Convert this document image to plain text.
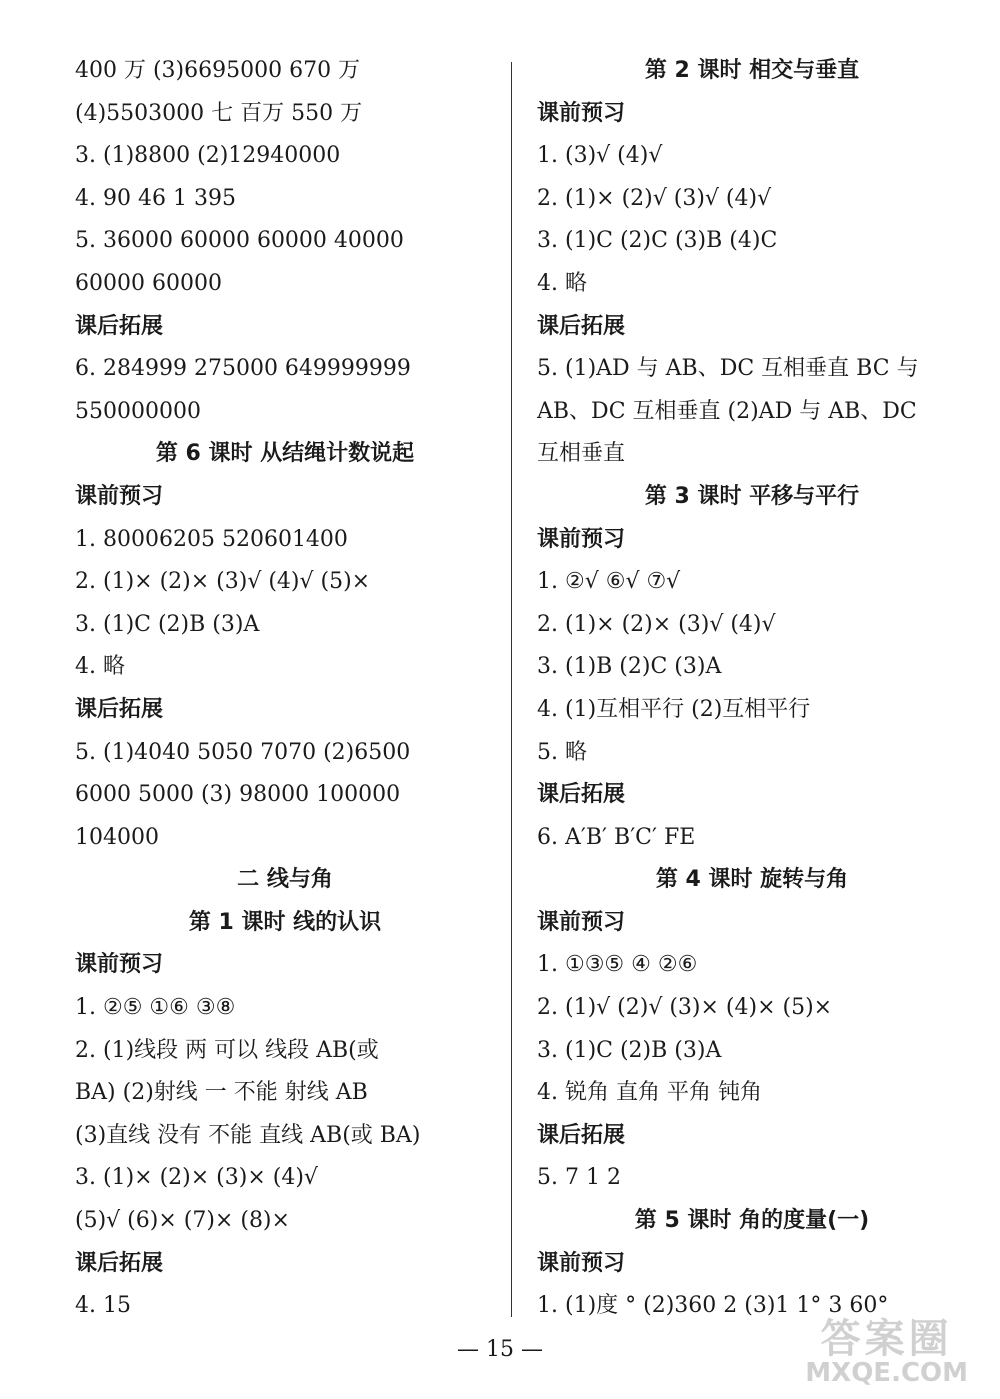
400 万 (3)6695000 670 万
(4)5503000 七 百万 550 万
3. (1)8800 (2)12940000
4. 90 46 1 395
5. 36000 60000 60000 40000
60000 60000
课后拓展
6. 284999 275000 649999999
550000000
第 6 课时 从结绳计数说起
课前预习
1. 80006205 520601400
2. (1)× (2)× (3)√ (4)√ (5)×
3. (1)C (2)B (3)A
4. 略
课后拓展
5. (1)4040 5050 7070 (2)6500
6000 5000 (3) 98000 100000
104000
二 线与角
第 1 课时 线的认识
课前预习
1. ②⑤ ①⑥ ③⑧
2. (1)线段 两 可以 线段 AB(或
BA) (2)射线 一 不能 射线 AB
(3)直线 没有 不能 直线 AB(或 BA)
3. (1)× (2)× (3)× (4)√
(5)√ (6)× (7)× (8)×
课后拓展
4. 15
第 2 课时 相交与垂直
课前预习
1. (3)√ (4)√
2. (1)× (2)√ (3)√ (4)√
3. (1)C (2)C (3)B (4)C
4. 略
课后拓展
5. (1)AD 与 AB、DC 互相垂直 BC 与
AB、DC 互相垂直 (2)AD 与 AB、DC
互相垂直
第 3 课时 平移与平行
课前预习
1. ②√ ⑥√ ⑦√
2. (1)× (2)× (3)√ (4)√
3. (1)B (2)C (3)A
4. (1)互相平行 (2)互相平行
5. 略
课后拓展
6. A′B′ B′C′ FE
第 4 课时 旋转与角
课前预习
1. ①③⑤ ④ ②⑥
2. (1)√ (2)√ (3)× (4)× (5)×
3. (1)C (2)B (3)A
4. 锐角 直角 平角 钝角
课后拓展
5. 7 1 2
第 5 课时 角的度量(一)
课前预习
1. (1)度 ° (2)360 2 (3)1 1° 3 60°
— 15 —	答案圈
MXQE.COM
